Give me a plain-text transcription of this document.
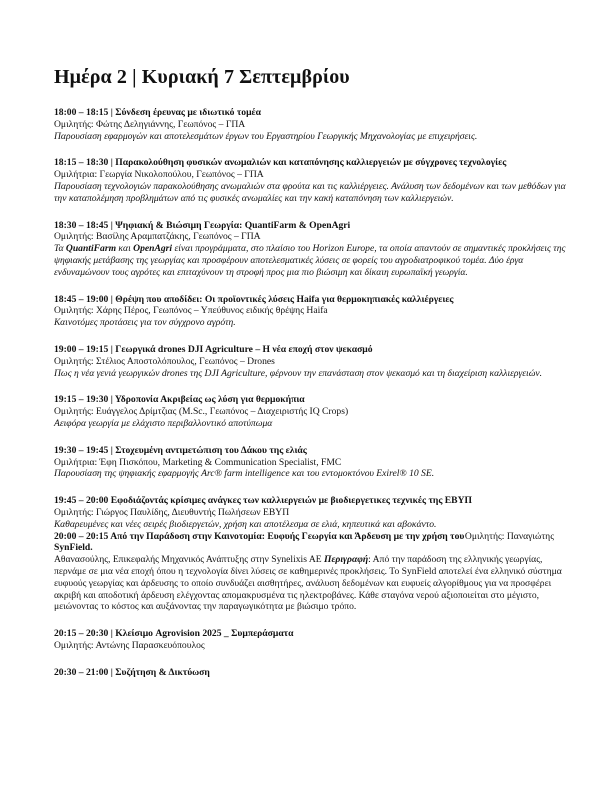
Ημέρα 2 | Κυριακή 7 Σεπτεμβρίου
18:00 – 18:15 | Σύνδεση έρευνας με ιδιωτικό τομέα
Ομιλητής: Φώτης Δεληγιάννης, Γεωπόνος – ΓΠΑ
Παρουσίαση εφαρμογών και αποτελεσμάτων έργων του Εργαστηρίου Γεωργικής Μηχανολογίας με επιχειρήσεις.
18:15 – 18:30 | Παρακολούθηση φυσικών ανωμαλιών και καταπόνησης καλλιεργειών με σύγχρονες τεχνολογίες
Ομιλήτρια: Γεωργία Νικολοπούλου, Γεωπόνος – ΓΠΑ
Παρουσίαση τεχνολογιών παρακολούθησης ανωμαλιών στα φρούτα και τις καλλιέργειες. Ανάλυση των δεδομένων και των μεθόδων για την καταπολέμηση προβλημάτων από τις φυσικές ανωμαλίες και την κακή καταπόνηση των καλλιεργειών.
18:30 – 18:45 | Ψηφιακή & Βιώσιμη Γεωργία: QuantiFarm & OpenAgri
Ομιλητής: Βασίλης Αραμπατζάκης, Γεωπόνος – ΓΠΑ
Τα QuantiFarm και OpenAgri είναι προγράμματα, στο πλαίσιο του Horizon Europe, τα οποία απαντούν σε σημαντικές προκλήσεις της ψηφιακής μετάβασης της γεωργίας και προσφέρουν αποτελεσματικές λύσεις σε φορείς του αγροδιατροφικού τομέα. Δύο έργα ενδυναμώνουν τους αγρότες και επιταχύνουν τη στροφή προς μια πιο βιώσιμη και δίκαιη ευρωπαϊκή γεωργία.
18:45 – 19:00 | Θρέψη που αποδίδει: Οι προϊοντικές λύσεις Haifa για θερμοκηπιακές καλλιέργειες
Ομιλητής: Χάρης Πέρος, Γεωπόνος – Υπεύθυνος ειδικής θρέψης Haifa
Καινοτόμες προτάσεις για τον σύγχρονο αγρότη.
19:00 – 19:15 | Γεωργικά drones DJI Agriculture – Η νέα εποχή στον ψεκασμό
Ομιλητής: Στέλιος Αποστολόπουλος, Γεωπόνος – Drones
Πως η νέα γενιά γεωργικών drones της DJI Agriculture, φέρνουν την επανάσταση στον ψεκασμό και τη διαχείριση καλλιεργειών.
19:15 – 19:30 | Υδροπονία Ακριβείας ως λύση για θερμοκήπια
Ομιλητής: Ευάγγελος Δρίμτζιας (M.Sc., Γεωπόνος – Διαχειριστής IQ Crops)
Αειφόρα γεωργία με ελάχιστο περιβαλλοντικό αποτύπωμα
19:30 – 19:45 | Στοχευμένη αντιμετώπιση του Δάκου της ελιάς
Ομιλήτρια: Έφη Πισκόπου, Marketing & Communication Specialist, FMC
Παρουσίαση της ψηφιακής εφαρμογής Arc® farm intelligence και του εντομοκτόνου Exirel® 10 SE.
19:45 – 20:00 Εφοδιάζοντάς κρίσιμες ανάγκες των καλλιεργειών με βιοδιεργετικες τεχνικές της ΕΒΥΠ
Ομιλητής: Γιώργος Παυλίδης, Διευθυντής Πωλήσεων ΕΒΥΠ
Καθαρευμένες και νέες σειρές βιοδιεργετών, χρήση και αποτέλεσμα σε ελιά, κηπευτικά και αβοκάντο.
Ομιλητής: Παναγιώτης
20:00 – 20:15 Από την Παράδοση στην Καινοτομία: Ευφυής Γεωργία και Άρδευση με την χρήση του SynField.
Αθανασούλης, Επικεφαλής Μηχανικός Ανάπτυξης στην Synelixis AE Περιγραφή: Από την παράδοση της ελληνικής γεωργίας, περνάμε σε μια νέα εποχή όπου η τεχνολογία δίνει λύσεις σε καθημερινές προκλήσεις. Το SynField αποτελεί ένα ελληνικό σύστημα ευφυούς γεωργίας και άρδευσης το οποίο συνδυάζει αισθητήρες, ανάλυση δεδομένων και ευφυείς αλγορίθμους για να προσφέρει ακριβή και αποδοτική άρδευση ελέγχοντας απομακρυσμένα τις ηλεκτροβάνες. Κάθε σταγόνα νερού αξιοποιείται στο μέγιστο, μειώνοντας το κόστος και αυξάνοντας την παραγωγικότητα με βιώσιμο τρόπο.
20:15 – 20:30 | Κλείσιμο Agrovision 2025 _ Συμπεράσματα
Ομιλητής: Αντώνης Παρασκευόπουλος
20:30 – 21:00 | Συζήτηση & Δικτύωση
